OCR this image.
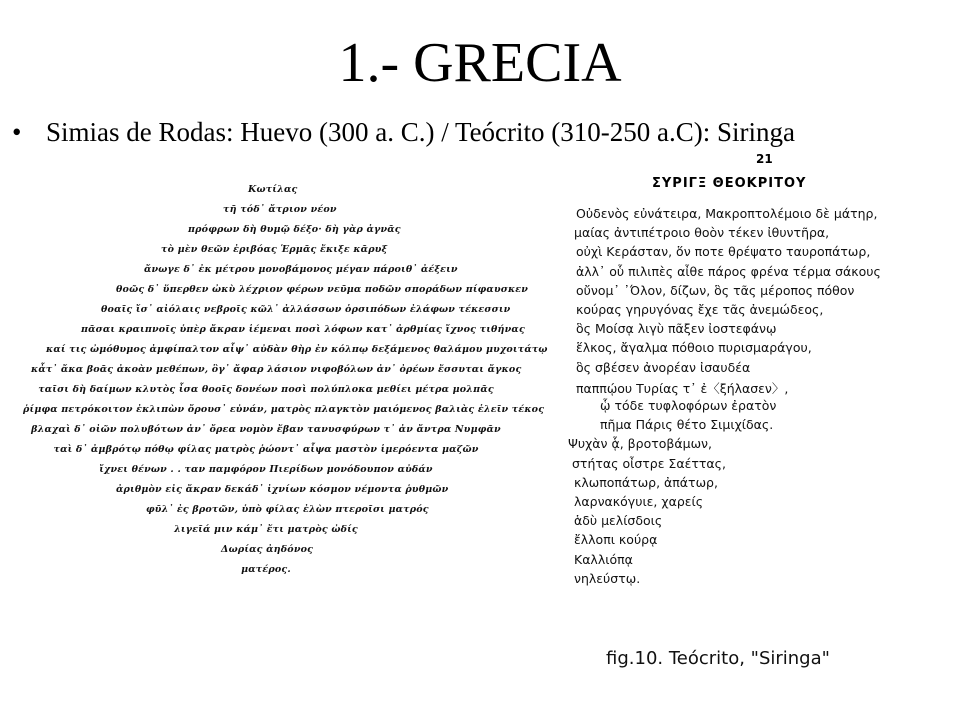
1.- GRECIA
• Simias de Rodas: Huevo (300 a. C.) / Teócrito (310-250 a.C): Siringa
Κωτίλας
τῆ τόδ᾽ ἄτριον νέον
πρόφρων δὴ θυμῷ δέξο· δὴ γὰρ ἁγνᾶς
τὸ μὲν θεῶν ἐριβόας Ἑρμᾶς ἔκιξε κᾶρυξ
ἄνωγε δ᾽ ἐκ μέτρου μονοβάμονος μέγαν πάροιθ᾽ ἀέξειν
θοῶς δ᾽ ὕπερθεν ὠκὺ λέχριον φέρων νεῦμα ποδῶν σποράδων πίφαυσκεν
θοαῖς ἴσ᾽ αἰόλαις νεβροῖς κῶλ᾽ ἀλλάσσων ὁρσιπόδων ἐλάφων τέκεσσιν
πᾶσαι κραιπνοῖς ὑπὲρ ἄκραν ἱέμεναι ποσὶ λόφων κατ᾽ ἀρθμίας ἴχνος τιθήνας
καί τις ὠμόθυμος ἀμφίπαλτον αἶψ᾽ αὐδὰν θὴρ ἐν κόλπῳ δεξάμενος θαλάμου μυχοιτάτῳ
κἆτ᾽ ἄκα βοᾶς ἀκοὰν μεθέπων, ὃγ᾽ ἄφαρ λάσιον νιφοβόλων ἀν᾽ ὀρέων ἔσσυται ἄγκος
ταῖσι δὴ δαίμων κλυτὸς ἶσα θοοῖς δονέων ποσὶ πολύπλοκα μεθίει μέτρα μολπᾶς
ῥίμφα πετρόκοιτον ἐκλιπὼν ὄρουσ᾽ εὐνάν, ματρὸς πλαγκτὸν μαιόμενος βαλιὰς ἑλεῖν τέκος
βλαχαὶ δ᾽ οἰῶν πολυβότων ἀν᾽ ὄρεα νομὸν ἔβαν τανυσφύρων τ᾽ ἀν ἄντρα Νυμφᾶν
ταὶ δ᾽ ἀμβρότῳ πόθῳ φίλας ματρὸς ῥώοντ᾽ αἶψα μαστὸν ἱμερόεντα μαζῶν
ἴχνει θένων . . ταν παμφόρον Πιερίδων μονόδουπον αὐδάν
ἀριθμὸν εἰς ἄκραν δεκάδ᾽ ἰχνίων κόσμον νέμοντα ῥυθμῶν
φῦλ᾽ ἐς βροτῶν, ὑπὸ φίλας ἐλὼν πτεροῖσι ματρός
λιγεῖά μιν κάμ᾽ ἔτι ματρὸς ὠδίς
Δωρίας ἀηδόνος
ματέρος.
21
ΣΥΡΙΓΞ ΘΕΟΚΡΙΤΟΥ
fig.10. Teócrito, "Siringa"
Οὐδενὸς εὐνάτειρα, Μακροπτολέμοιο δὲ μάτηρ,
μαίας ἀντιπέτροιο θοὸν τέκεν ἰθυντῆρα,
οὐχὶ Κεράσταν, ὅν ποτε θρέψατο ταυροπάτωρ,
ἀλλ᾽ οὗ πιλιπὲς αἶθε πάρος φρένα τέρμα σάκους
οὔνομ᾽ ᾽Όλον, δίζων, ὃς τᾶς μέροπος πόθον
κούρας γηρυγόνας ἔχε τᾶς ἀνεμώδεος,
ὃς Μοίσᾳ λιγὺ πᾶξεν ἰοστεφάνῳ
ἕλκος, ἄγαλμα πόθοιο πυρισμαράγου,
ὃς σβέσεν ἀνορέαν ἰσαυδέα
παππῴου Τυρίας τ᾽ ἐ〈ξήλασεν〉,
ᾧ τόδε τυφλοφόρων ἐρατὸν
πῆμα Πάρις θέτο Σιμιχίδας.
Ψυχὰν ᾇ, βροτοβάμων,
στήτας οἶστρε Σαέττας,
κλωποπάτωρ, ἀπάτωρ,
λαρνακόγυιε, χαρείς
ἁδὺ μελίσδοις
ἔλλοπι κούρᾳ
Καλλιόπᾳ
νηλεύστῳ.
